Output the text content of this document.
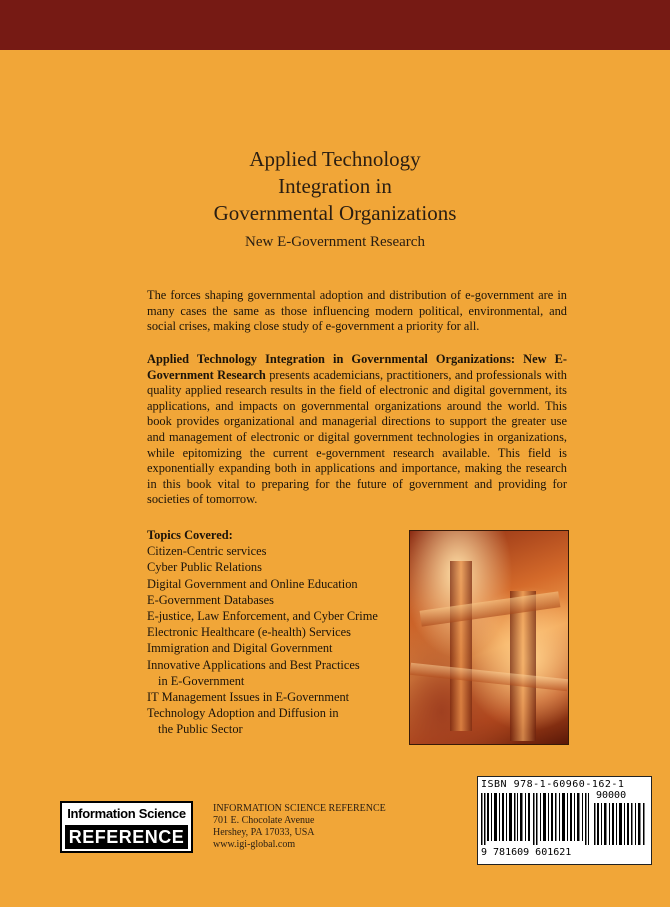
Applied Technology
Integration in
Governmental Organizations
New E-Government Research
The forces shaping governmental adoption and distribution of e-government are in many cases the same as those influencing modern political, environmental, and social crises, making close study of e-government a priority for all.
Applied Technology Integration in Governmental Organizations: New E-Government Research presents academicians, practitioners, and professionals with quality applied research results in the field of electronic and digital government, its applications, and impacts on governmental organizations around the world. This book provides organizational and managerial directions to support the greater use and management of electronic or digital government technologies in organizations, while epitomizing the current e-government research available. This field is exponentially expanding both in applications and importance, making the research in this book vital to preparing for the future of government and providing for societies of tomorrow.
Topics Covered:
Citizen-Centric services
Cyber Public Relations
Digital Government and Online Education
E-Government Databases
E-justice, Law Enforcement, and Cyber Crime
Electronic Healthcare (e-health) Services
Immigration and Digital Government
Innovative Applications and Best Practices
in E-Government
IT Management Issues in E-Government
Technology Adoption and Diffusion in
the Public Sector
ISBN 978-1-60960-162-1
90000
9 781609 601621
Information Science
REFERENCE
INFORMATION SCIENCE REFERENCE
701 E. Chocolate Avenue
Hershey, PA 17033, USA
www.igi-global.com
